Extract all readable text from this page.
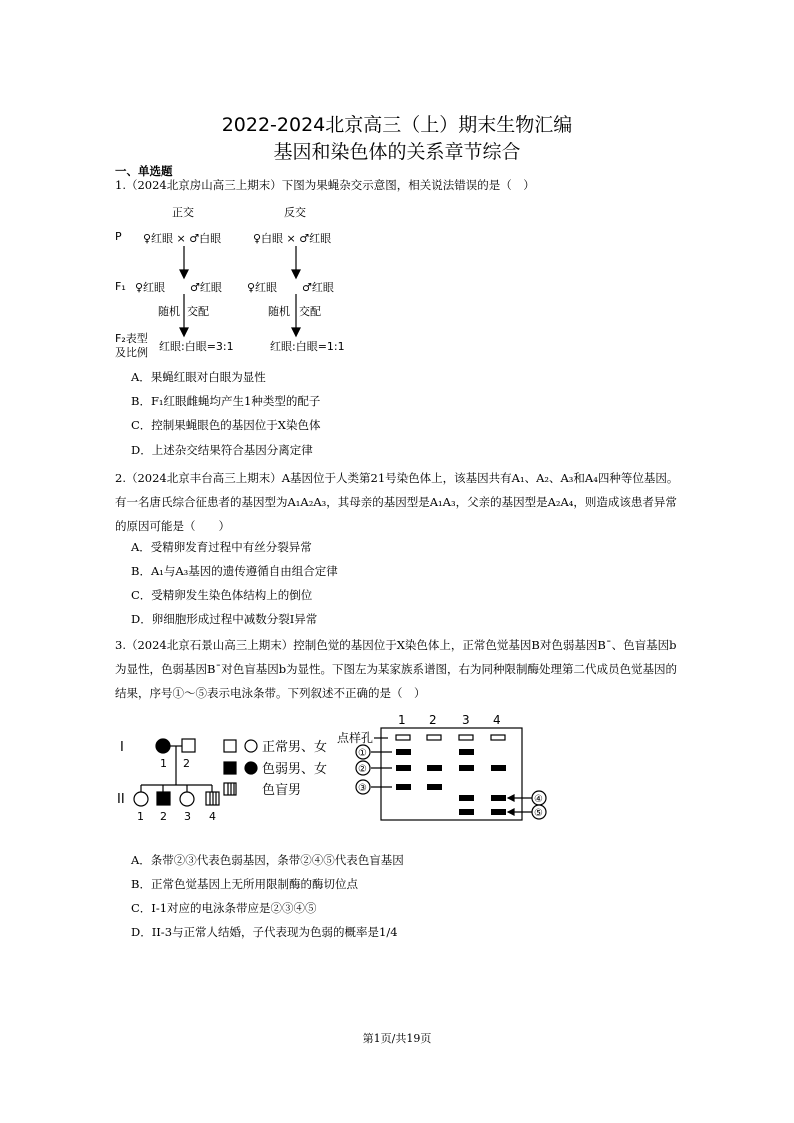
2022-2024北京高三（上）期末生物汇编
基因和染色体的关系章节综合
一、单选题
1.（2024北京房山高三上期末）下图为果蝇杂交示意图，相关说法错误的是（　）
正交	反交
P ♀红眼 × ♂白眼	♀白眼 × ♂红眼
F₁ ♀红眼 ♂红眼 ♀红眼 ♂红眼
随机 交配	随机 交配
F₂表型
及比例 红眼:白眼=3:1	红眼:白眼=1:1
A．果蝇红眼对白眼为显性
B．F₁红眼雌蝇均产生1种类型的配子
C．控制果蝇眼色的基因位于X染色体
D．上述杂交结果符合基因分离定律
2.（2024北京丰台高三上期末）A基因位于人类第21号染色体上，该基因共有A₁、A₂、A₃和A₄四种等位基因。有一名唐氏综合征患者的基因型为A₁A₂A₃，其母亲的基因型是A₁A₃，父亲的基因型是A₂A₄，则造成该患者异常的原因可能是（　　）
A．受精卵发育过程中有丝分裂异常
B．A₁与A₃基因的遗传遵循自由组合定律
C．受精卵发生染色体结构上的倒位
D．卵细胞形成过程中减数分裂Ⅰ异常
3.（2024北京石景山高三上期末）控制色觉的基因位于X染色体上，正常色觉基因B对色弱基因Bˉ、色盲基因b为显性，色弱基因Bˉ对色盲基因b为显性。下图左为某家族系谱图，右为同种限制酶处理第二代成员色觉基因的结果，序号①～⑤表示电泳条带。下列叙述不正确的是（　）
I
1 2
II
1 2 3 4
正常男、女
色弱男、女
色盲男
1 2 3 4
点样孔
①
②
③
④
⑤
A．条带②③代表色弱基因，条带②④⑤代表色盲基因
B．正常色觉基因上无所用限制酶的酶切位点
C．I-1对应的电泳条带应是②③④⑤
D．II-3与正常人结婚，子代表现为色弱的概率是1/4
第1页/共19页
